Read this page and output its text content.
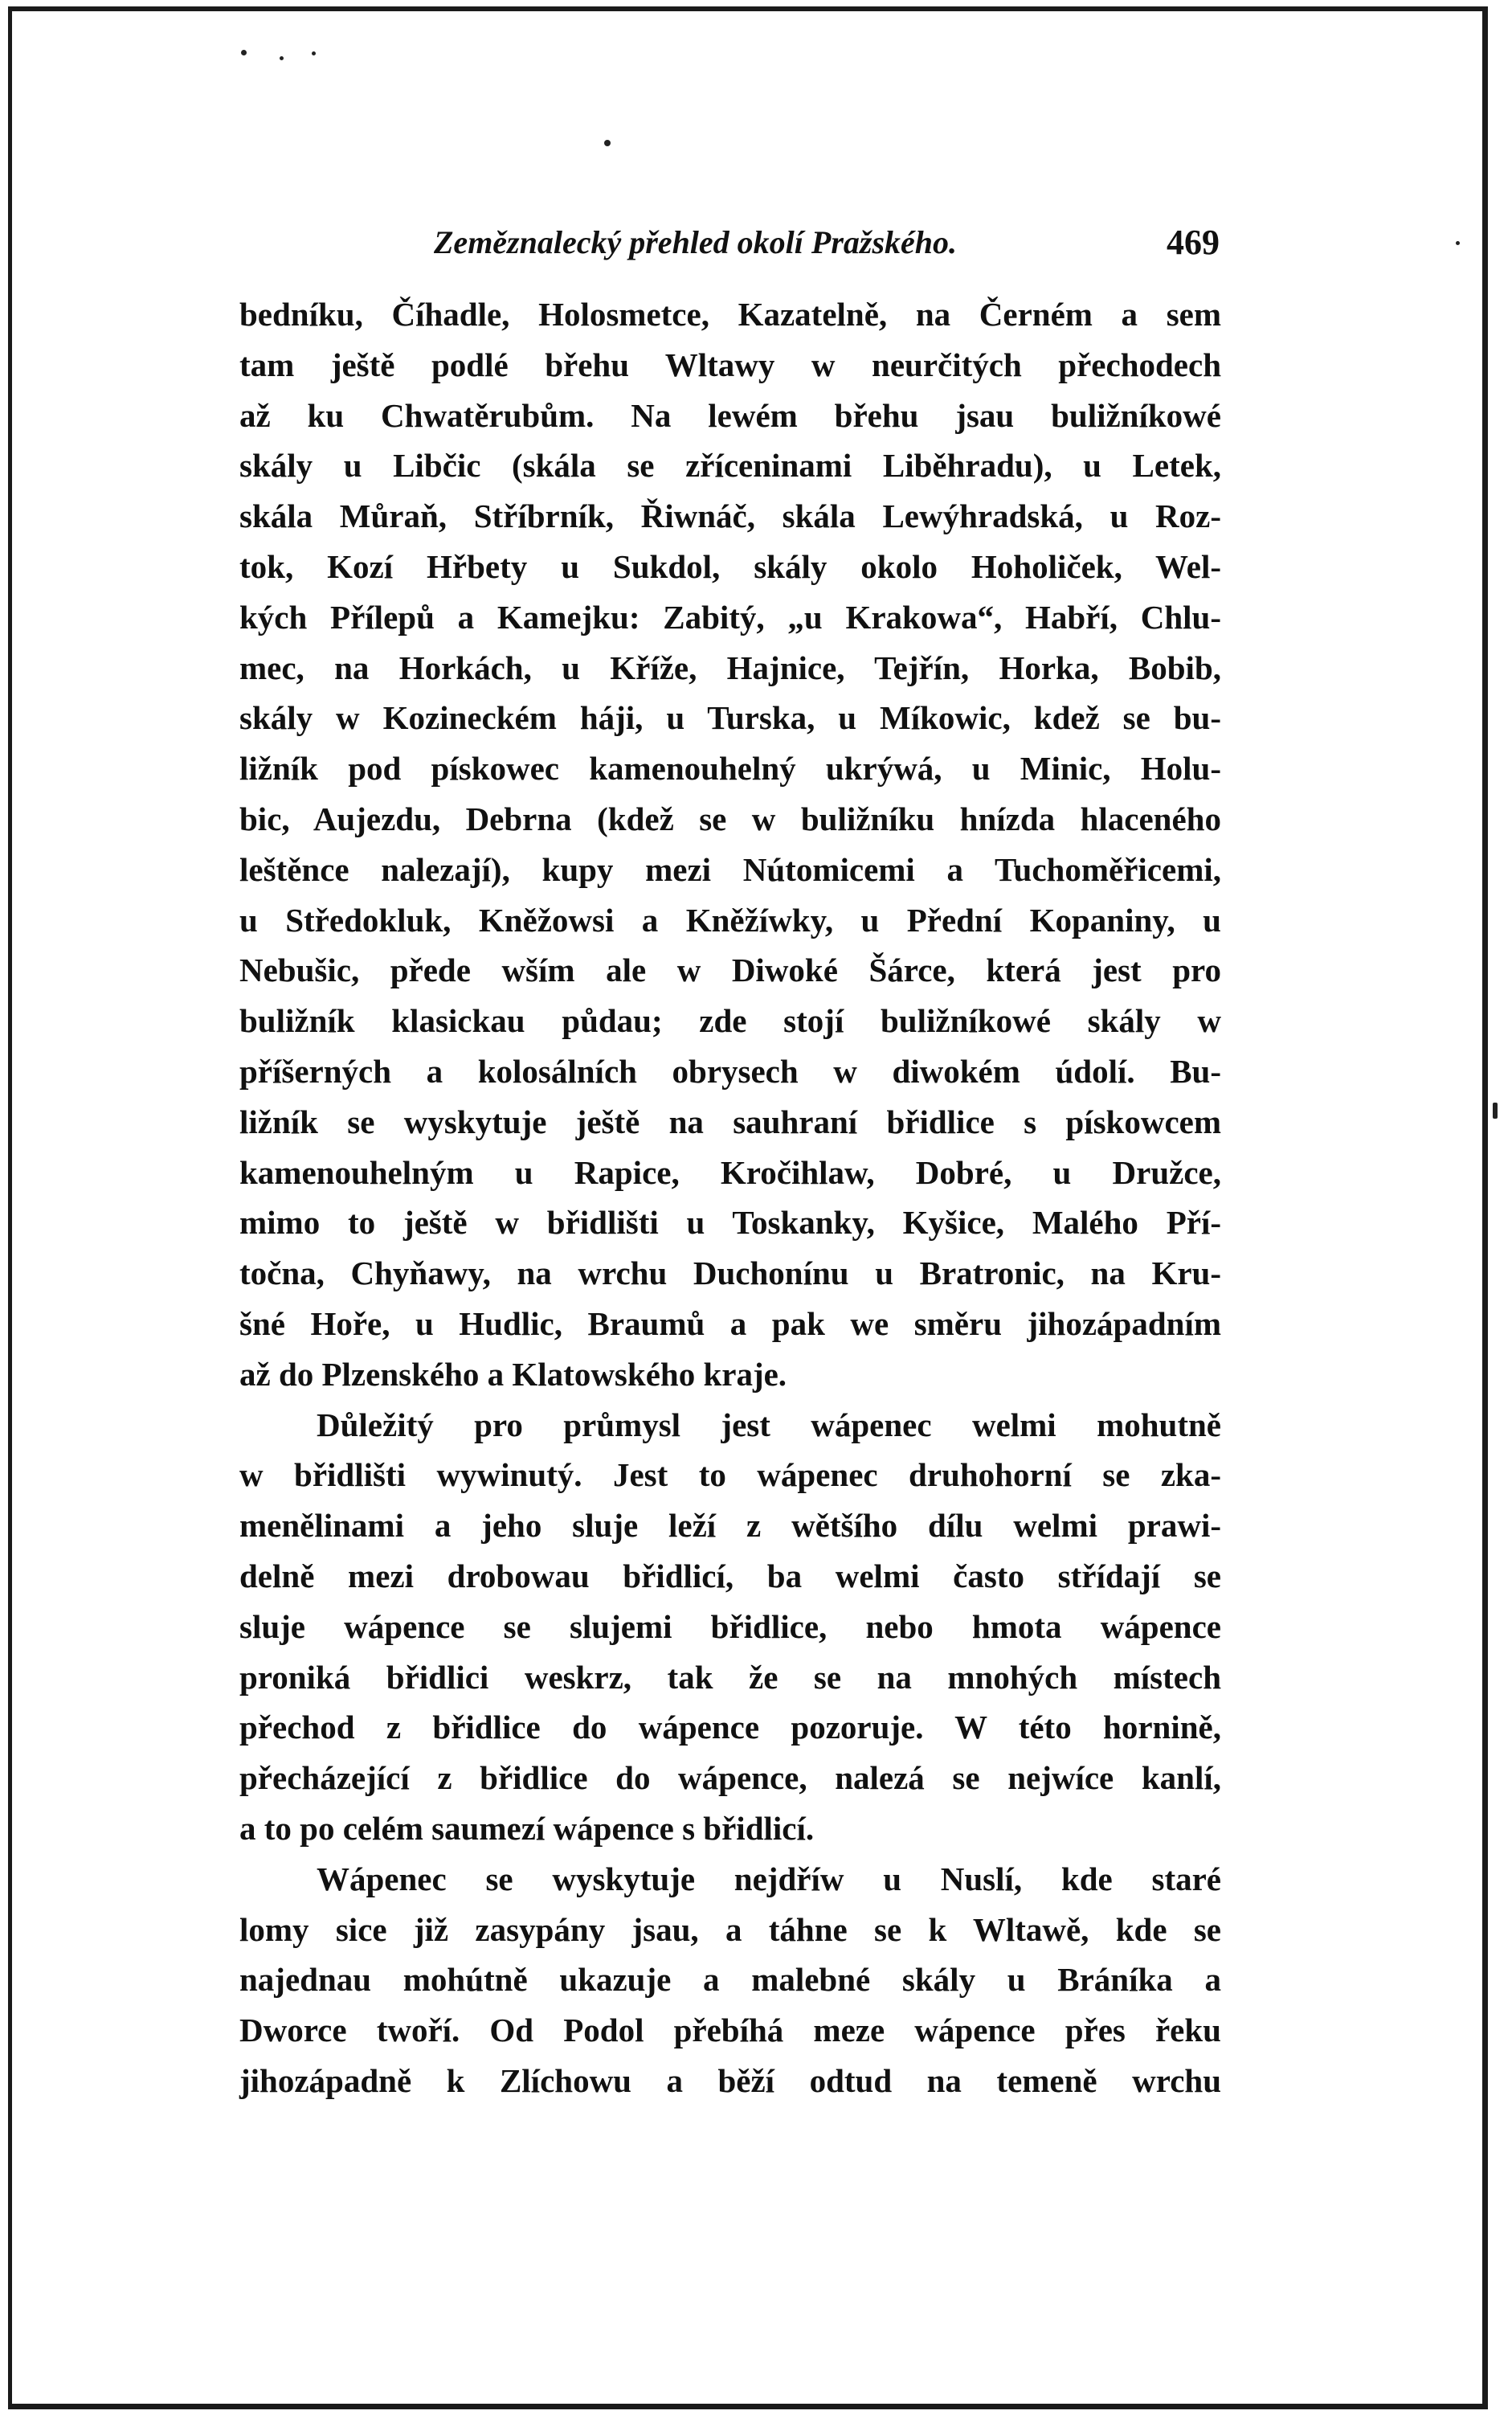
Zeměznalecký přehled okolí Pražského.	469
bedníku, Číhadle, Holosmetce, Kazatelně, na Černém a sem
tam ještě podlé břehu Wltawy w neurčitých přechodech
až ku Chwatěrubům. Na lewém břehu jsau buližníkowé
skály u Libčic (skála se zříceninami Liběhradu), u Letek,
skála Můraň, Stříbrník, Řiwnáč, skála Lewýhradská, u Roz-
tok, Kozí Hřbety u Sukdol, skály okolo Hoholiček, Wel-
kých Přílepů a Kamejku: Zabitý, „u Krakowa“, Habří, Chlu-
mec, na Horkách, u Kříže, Hajnice, Tejřín, Horka, Bobib,
skály w Kozineckém háji, u Turska, u Míkowic, kdež se bu-
ližník pod pískowec kamenouhelný ukrýwá, u Minic, Holu-
bic, Aujezdu, Debrna (kdež se w buližníku hnízda hlaceného
leštěnce nalezají), kupy mezi Nútomicemi a Tuchoměřicemi,
u Středokluk, Kněžowsi a Kněžíwky, u Přední Kopaniny, u
Nebušic, přede wším ale w Diwoké Šárce, která jest pro
buližník klasickau půdau; zde stojí buližníkowé skály w
příšerných a kolosálních obrysech w diwokém údolí. Bu-
ližník se wyskytuje ještě na sauhraní břidlice s pískowcem
kamenouhelným u Rapice, Kročihlaw, Dobré, u Družce,
mimo to ještě w břidlišti u Toskanky, Kyšice, Malého Pří-
točna, Chyňawy, na wrchu Duchonínu u Bratronic, na Kru-
šné Hoře, u Hudlic, Braumů a pak we směru jihozápadním
až do Plzenského a Klatowského kraje.
Důležitý pro průmysl jest wápenec welmi mohutně
w břidlišti wywinutý. Jest to wápenec druhohorní se zka-
menělinami a jeho sluje leží z wětšího dílu welmi prawi-
delně mezi drobowau břidlicí, ba welmi často střídají se
sluje wápence se slujemi břidlice, nebo hmota wápence
proniká břidlici weskrz, tak že se na mnohých místech
přechod z břidlice do wápence pozoruje. W této hornině,
přecházející z břidlice do wápence, nalezá se nejwíce kanlí,
a to po celém saumezí wápence s břidlicí.
Wápenec se wyskytuje nejdříw u Nuslí, kde staré
lomy sice již zasypány jsau, a táhne se k Wltawě, kde se
najednau mohútně ukazuje a malebné skály u Bráníka a
Dworce twoří. Od Podol přebíhá meze wápence přes řeku
jihozápadně k Zlíchowu a běží odtud na temeně wrchu
